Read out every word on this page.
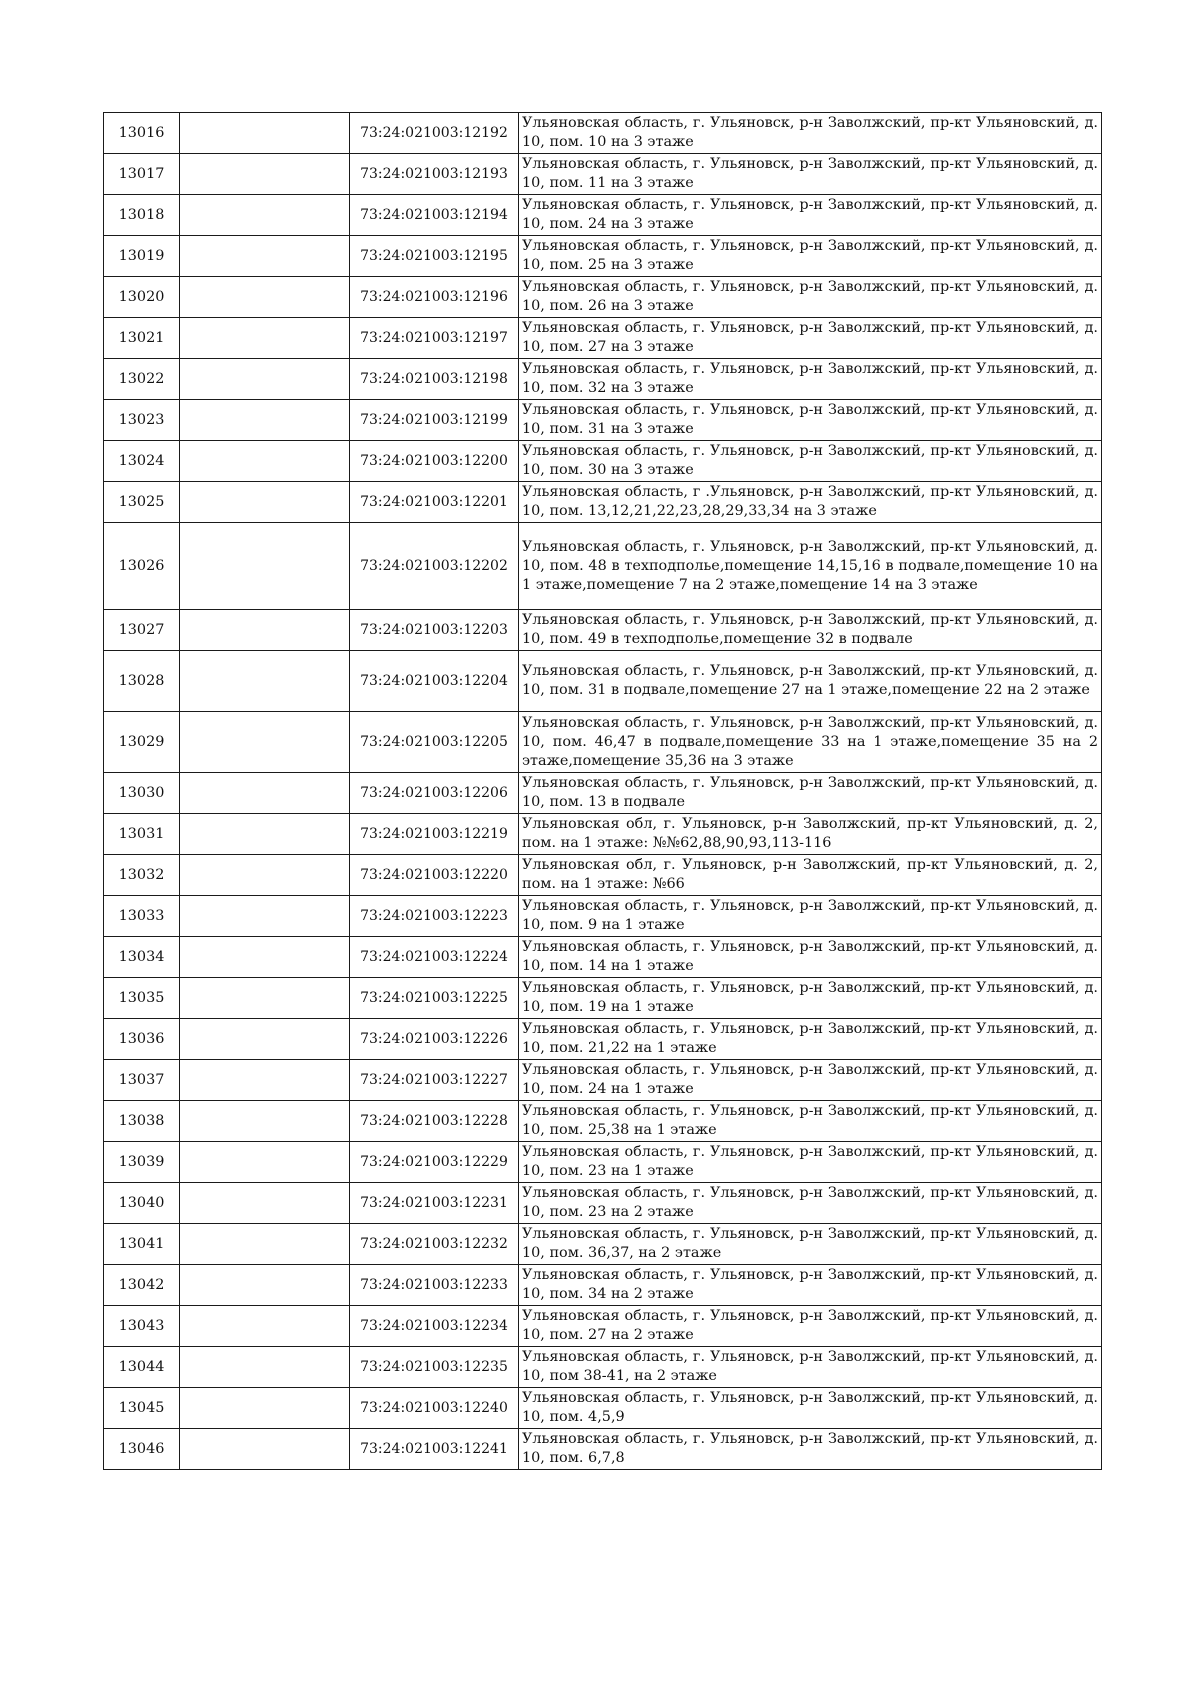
13016		73:24:021003:12192	Ульяновская область, г. Ульяновск, р-н Заволжский, пр-кт Ульяновский, д. 10, пом. 10 на 3 этаже
13017		73:24:021003:12193	Ульяновская область, г. Ульяновск, р-н Заволжский, пр-кт Ульяновский, д. 10, пом. 11 на 3 этаже
13018		73:24:021003:12194	Ульяновская область, г. Ульяновск, р-н Заволжский, пр-кт Ульяновский, д. 10, пом. 24 на 3 этаже
13019		73:24:021003:12195	Ульяновская область, г. Ульяновск, р-н Заволжский, пр-кт Ульяновский, д. 10, пом. 25 на 3 этаже
13020		73:24:021003:12196	Ульяновская область, г. Ульяновск, р-н Заволжский, пр-кт Ульяновский, д. 10, пом. 26 на 3 этаже
13021		73:24:021003:12197	Ульяновская область, г. Ульяновск, р-н Заволжский, пр-кт Ульяновский, д. 10, пом. 27 на 3 этаже
13022		73:24:021003:12198	Ульяновская область, г. Ульяновск, р-н Заволжский, пр-кт Ульяновский, д. 10, пом. 32 на 3 этаже
13023		73:24:021003:12199	Ульяновская область, г. Ульяновск, р-н Заволжский, пр-кт Ульяновский, д. 10, пом. 31 на 3 этаже
13024		73:24:021003:12200	Ульяновская область, г. Ульяновск, р-н Заволжский, пр-кт Ульяновский, д. 10, пом. 30 на 3 этаже
13025		73:24:021003:12201	Ульяновская область, г .Ульяновск, р-н Заволжский, пр-кт Ульяновский, д. 10, пом. 13,12,21,22,23,28,29,33,34 на 3 этаже
13026		73:24:021003:12202	Ульяновская область, г. Ульяновск, р-н Заволжский, пр-кт Ульяновский, д. 10, пом. 48 в техподполье,помещение 14,15,16 в подвале,помещение 10 на 1 этаже,помещение 7 на 2 этаже,помещение 14 на 3 этаже
13027		73:24:021003:12203	Ульяновская область, г. Ульяновск, р-н Заволжский, пр-кт Ульяновский, д. 10, пом. 49 в техподполье,помещение 32 в подвале
13028		73:24:021003:12204	Ульяновская область, г. Ульяновск, р-н Заволжский, пр-кт Ульяновский, д. 10, пом. 31 в подвале,помещение 27 на 1 этаже,помещение 22 на 2 этаже
13029		73:24:021003:12205	Ульяновская область, г. Ульяновск, р-н Заволжский, пр-кт Ульяновский, д. 10, пом. 46,47 в подвале,помещение 33 на 1 этаже,помещение 35 на 2 этаже,помещение 35,36 на 3 этаже
13030		73:24:021003:12206	Ульяновская область, г. Ульяновск, р-н Заволжский, пр-кт Ульяновский, д. 10, пом. 13 в подвале
13031		73:24:021003:12219	Ульяновская обл, г. Ульяновск, р-н Заволжский, пр-кт Ульяновский, д. 2, пом. на 1 этаже: №№62,88,90,93,113-116
13032		73:24:021003:12220	Ульяновская обл, г. Ульяновск, р-н Заволжский, пр-кт Ульяновский, д. 2, пом. на 1 этаже: №66
13033		73:24:021003:12223	Ульяновская область, г. Ульяновск, р-н Заволжский, пр-кт Ульяновский, д. 10, пом. 9 на 1 этаже
13034		73:24:021003:12224	Ульяновская область, г. Ульяновск, р-н Заволжский, пр-кт Ульяновский, д. 10, пом. 14 на 1 этаже
13035		73:24:021003:12225	Ульяновская область, г. Ульяновск, р-н Заволжский, пр-кт Ульяновский, д. 10, пом. 19 на 1 этаже
13036		73:24:021003:12226	Ульяновская область, г. Ульяновск, р-н Заволжский, пр-кт Ульяновский, д. 10, пом. 21,22 на 1 этаже
13037		73:24:021003:12227	Ульяновская область, г. Ульяновск, р-н Заволжский, пр-кт Ульяновский, д. 10, пом. 24 на 1 этаже
13038		73:24:021003:12228	Ульяновская область, г. Ульяновск, р-н Заволжский, пр-кт Ульяновский, д. 10, пом. 25,38 на 1 этаже
13039		73:24:021003:12229	Ульяновская область, г. Ульяновск, р-н Заволжский, пр-кт Ульяновский, д. 10, пом. 23 на 1 этаже
13040		73:24:021003:12231	Ульяновская область, г. Ульяновск, р-н Заволжский, пр-кт Ульяновский, д. 10, пом. 23 на 2 этаже
13041		73:24:021003:12232	Ульяновская область, г. Ульяновск, р-н Заволжский, пр-кт Ульяновский, д. 10, пом. 36,37, на 2 этаже
13042		73:24:021003:12233	Ульяновская область, г. Ульяновск, р-н Заволжский, пр-кт Ульяновский, д. 10, пом. 34 на 2 этаже
13043		73:24:021003:12234	Ульяновская область, г. Ульяновск, р-н Заволжский, пр-кт Ульяновский, д. 10, пом. 27 на 2 этаже
13044		73:24:021003:12235	Ульяновская область, г. Ульяновск, р-н Заволжский, пр-кт Ульяновский, д. 10, пом 38-41, на 2 этаже
13045		73:24:021003:12240	Ульяновская область, г. Ульяновск, р-н Заволжский, пр-кт Ульяновский, д. 10, пом. 4,5,9
13046		73:24:021003:12241	Ульяновская область, г. Ульяновск, р-н Заволжский, пр-кт Ульяновский, д. 10, пом. 6,7,8
